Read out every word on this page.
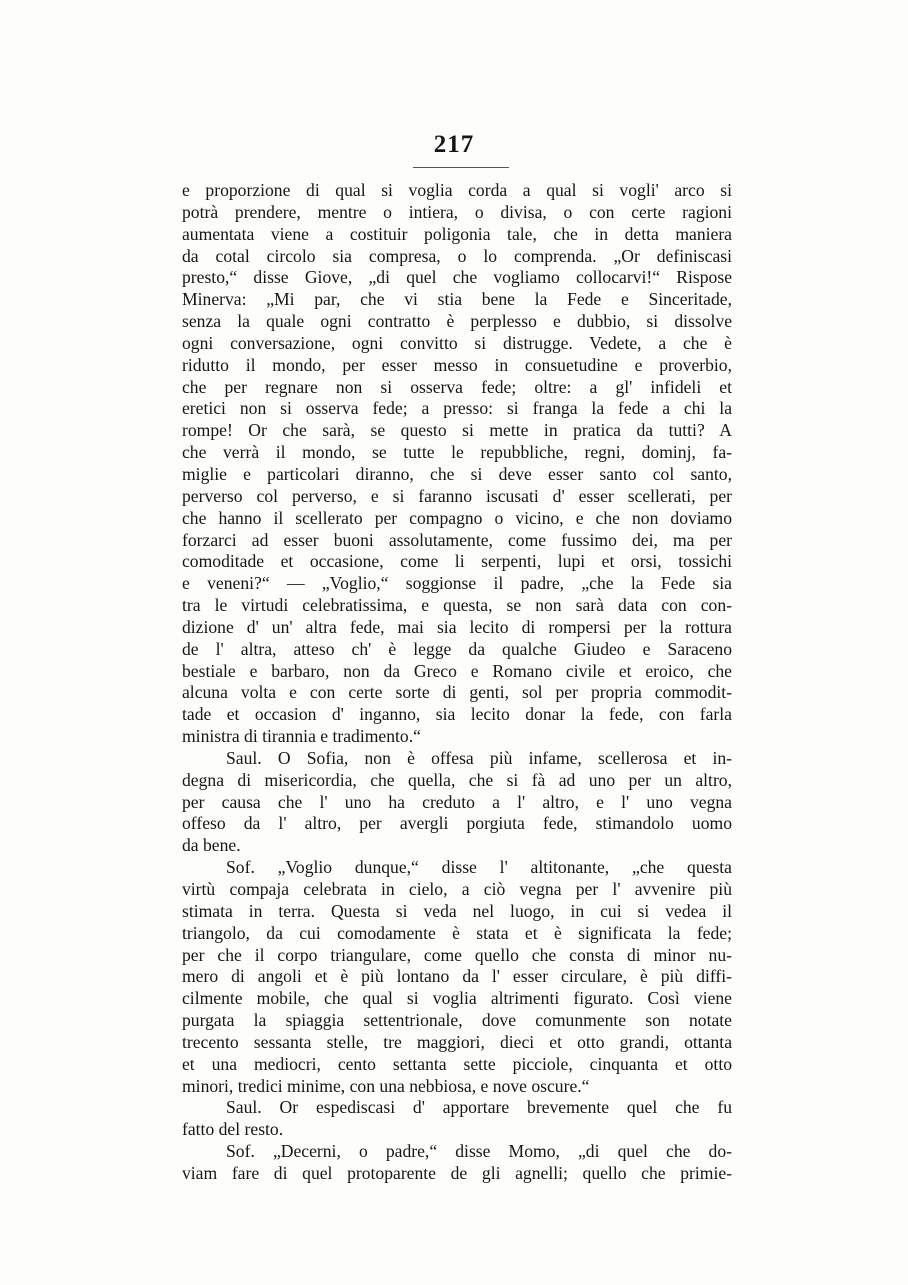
217
e proporzione di qual si voglia corda a qual si vogli' arco si
potrà prendere, mentre o intiera, o divisa, o con certe ragioni
aumentata viene a costituir poligonia tale, che in detta maniera
da cotal circolo sia compresa, o lo comprenda. „Or definiscasi
presto,“ disse Giove, „di quel che vogliamo collocarvi!“ Rispose
Minerva: „Mi par, che vi stia bene la Fede e Sinceritade,
senza la quale ogni contratto è perplesso e dubbio, si dissolve
ogni conversazione, ogni convitto si distrugge. Vedete, a che è
ridutto il mondo, per esser messo in consuetudine e proverbio,
che per regnare non si osserva fede; oltre: a gl' infideli et
eretici non si osserva fede; a presso: si franga la fede a chi la
rompe! Or che sarà, se questo si mette in pratica da tutti? A
che verrà il mondo, se tutte le repubbliche, regni, dominj, fa-
miglie e particolari diranno, che si deve esser santo col santo,
perverso col perverso, e si faranno iscusati d' esser scellerati, per
che hanno il scellerato per compagno o vicino, e che non doviamo
forzarci ad esser buoni assolutamente, come fussimo dei, ma per
comoditade et occasione, come li serpenti, lupi et orsi, tossichi
e veneni?“ — „Voglio,“ soggionse il padre, „che la Fede sia
tra le virtudi celebratissima, e questa, se non sarà data con con-
dizione d' un' altra fede, mai sia lecito di rompersi per la rottura
de l' altra, atteso ch' è legge da qualche Giudeo e Saraceno
bestiale e barbaro, non da Greco e Romano civile et eroico, che
alcuna volta e con certe sorte di genti, sol per propria commodit-
tade et occasion d' inganno, sia lecito donar la fede, con farla
ministra di tirannia e tradimento.“
Saul. O Sofia, non è offesa più infame, scellerosa et in-
degna di misericordia, che quella, che si fà ad uno per un altro,
per causa che l' uno ha creduto a l' altro, e l' uno vegna
offeso da l' altro, per avergli porgiuta fede, stimandolo uomo
da bene.
Sof. „Voglio dunque,“ disse l' altitonante, „che questa
virtù compaja celebrata in cielo, a ciò vegna per l' avvenire più
stimata in terra. Questa si veda nel luogo, in cui si vedea il
triangolo, da cui comodamente è stata et è significata la fede;
per che il corpo triangulare, come quello che consta di minor nu-
mero di angoli et è più lontano da l' esser circulare, è più diffi-
cilmente mobile, che qual si voglia altrimenti figurato. Così viene
purgata la spiaggia settentrionale, dove comunmente son notate
trecento sessanta stelle, tre maggiori, dieci et otto grandi, ottanta
et una mediocri, cento settanta sette picciole, cinquanta et otto
minori, tredici minime, con una nebbiosa, e nove oscure.“
Saul. Or espediscasi d' apportare brevemente quel che fu
fatto del resto.
Sof. „Decerni, o padre,“ disse Momo, „di quel che do-
viam fare di quel protoparente de gli agnelli; quello che primie-
